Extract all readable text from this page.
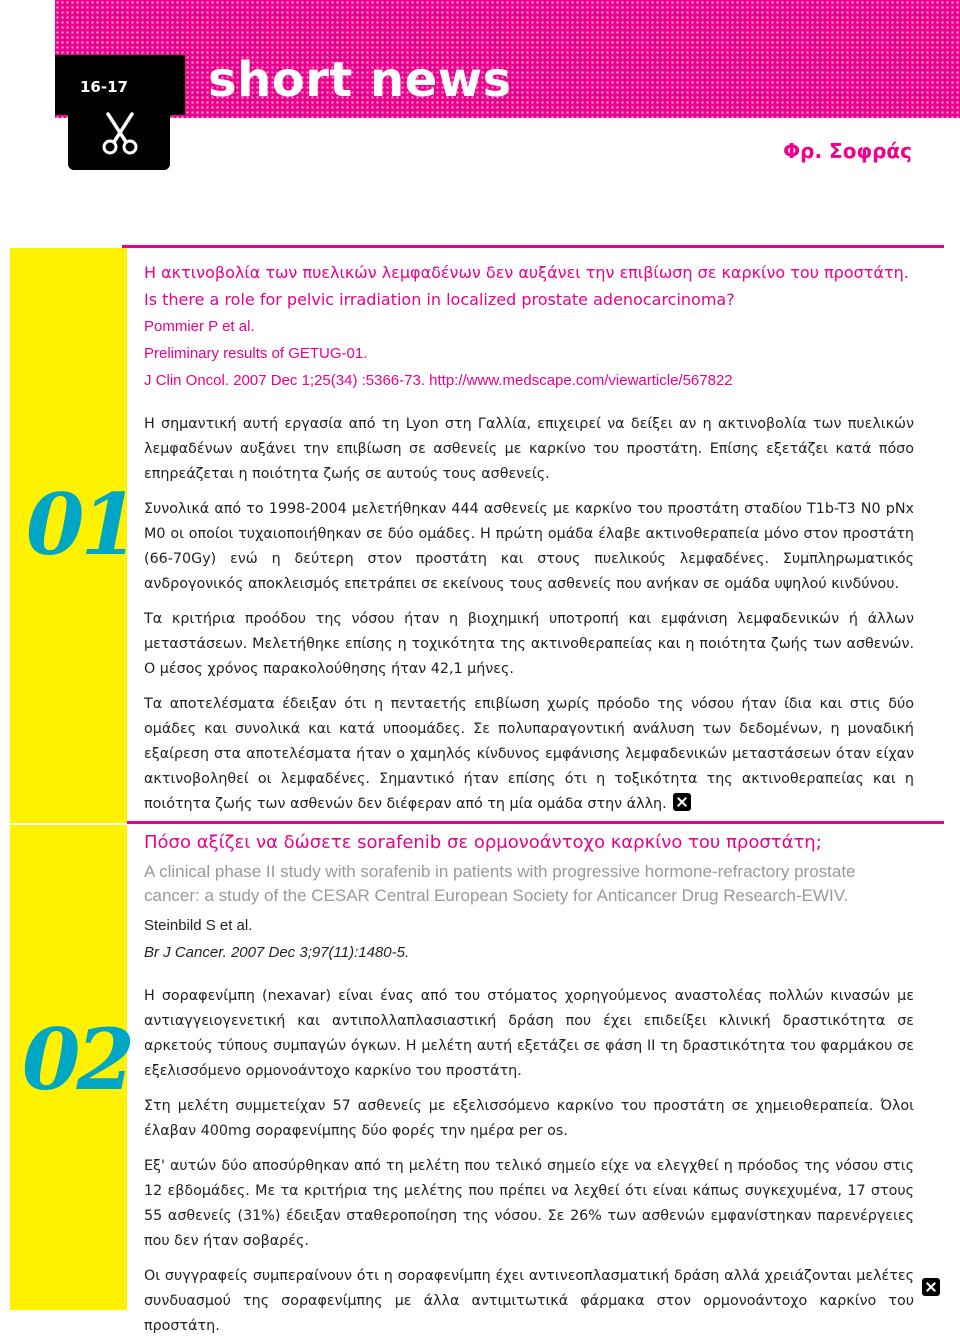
16-17 short news
Φρ. Σοφράς
01
02

Η ακτινοβολία των πυελικών λεμφαδένων δεν αυξάνει την επιβίωση σε καρκίνο του προστάτη.

Is there a role for pelvic irradiation in localized prostate adenocarcinoma?

Pommier P et al.

Preliminary results of GETUG-01.

J Clin Oncol. 2007 Dec 1;25(34) :5366-73. http://www.medscape.com/viewarticle/567822

Η σημαντική αυτή εργασία από τη Lyon στη Γαλλία, επιχειρεί να δείξει αν η ακτινοβολία των πυελικών λεμφαδένων αυξάνει την επιβίωση σε ασθενείς με καρκίνο του προστάτη. Επίσης εξετάζει κατά πόσο επηρεάζεται η ποιότητα ζωής σε αυτούς τους ασθενείς.

Συνολικά από το 1998-2004 μελετήθηκαν 444 ασθενείς με καρκίνο του προστάτη σταδίου T1b-T3 N0 pNx M0 οι οποίοι τυχαιοποιήθηκαν σε δύο ομάδες. Η πρώτη ομάδα έλαβε ακτινοθεραπεία μόνο στον προστάτη (66-70Gy) ενώ η δεύτερη στον προστάτη και στους πυελικούς λεμφαδένες. Συμπληρωματικός ανδρογονικός αποκλεισμός επετράπει σε εκείνους τους ασθενείς που ανήκαν σε ομάδα υψηλού κινδύνου.

Τα κριτήρια προόδου της νόσου ήταν η βιοχημική υποτροπή και εμφάνιση λεμφαδενικών ή άλλων μεταστάσεων. Μελετήθηκε επίσης η τοχικότητα της ακτινοθεραπείας και η ποιότητα ζωής των ασθενών. Ο μέσος χρόνος παρακολούθησης ήταν 42,1 μήνες.

Τα αποτελέσματα έδειξαν ότι η πενταετής επιβίωση χωρίς πρόοδο της νόσου ήταν ίδια και στις δύο ομάδες και συνολικά και κατά υποομάδες. Σε πολυπαραγοντική ανάλυση των δεδομένων, η μοναδική εξαίρεση στα αποτελέσματα ήταν ο χαμηλός κίνδυνος εμφάνισης λεμφαδενικών μεταστάσεων όταν είχαν ακτινοβοληθεί οι λεμφαδένες. Σημαντικό ήταν επίσης ότι η τοξικότητα της ακτινοθεραπείας και η ποιότητα ζωής των ασθενών δεν διέφεραν από τη μία ομάδα στην άλλη.

Πόσο αξίζει να δώσετε sorafenib σε ορμονοάντοχο καρκίνο του προστάτη;

A clinical phase II study with sorafenib in patients with progressive hormone-refractory prostate cancer: a study of the CESAR Central European Society for Anticancer Drug Research-EWIV.

Steinbild S et al.

Br J Cancer. 2007 Dec 3;97(11):1480-5.

Η σοραφενίμπη (nexavar) είναι ένας από του στόματος χορηγούμενος αναστολέας πολλών κινασών με αντιαγγειογενετική και αντιπολλαπλασιαστική δράση που έχει επιδείξει κλινική δραστικότητα σε αρκετούς τύπους συμπαγών όγκων. Η μελέτη αυτή εξετάζει σε φάση ΙΙ τη δραστικότητα του φαρμάκου σε εξελισσόμενο ορμονοάντοχο καρκίνο του προστάτη.

Στη μελέτη συμμετείχαν 57 ασθενείς με εξελισσόμενο καρκίνο του προστάτη σε χημειοθεραπεία. Όλοι έλαβαν 400mg σοραφενίμπης δύο φορές την ημέρα per os.

Εξ' αυτών δύο αποσύρθηκαν από τη μελέτη που τελικό σημείο είχε να ελεγχθεί η πρόοδος της νόσου στις 12 εβδομάδες. Με τα κριτήρια της μελέτης που πρέπει να λεχθεί ότι είναι κάπως συγκεχυμένα, 17 στους 55 ασθενείς (31%) έδειξαν σταθεροποίηση της νόσου. Σε 26% των ασθενών εμφανίστηκαν παρενέργειες που δεν ήταν σοβαρές.

Οι συγγραφείς συμπεραίνουν ότι η σοραφενίμπη έχει αντινεοπλασματική δράση αλλά χρειάζονται μελέτες συνδυασμού της σοραφενίμπης με άλλα αντιμιτωτικά φάρμακα στον ορμονοάντοχο καρκίνο του προστάτη.
